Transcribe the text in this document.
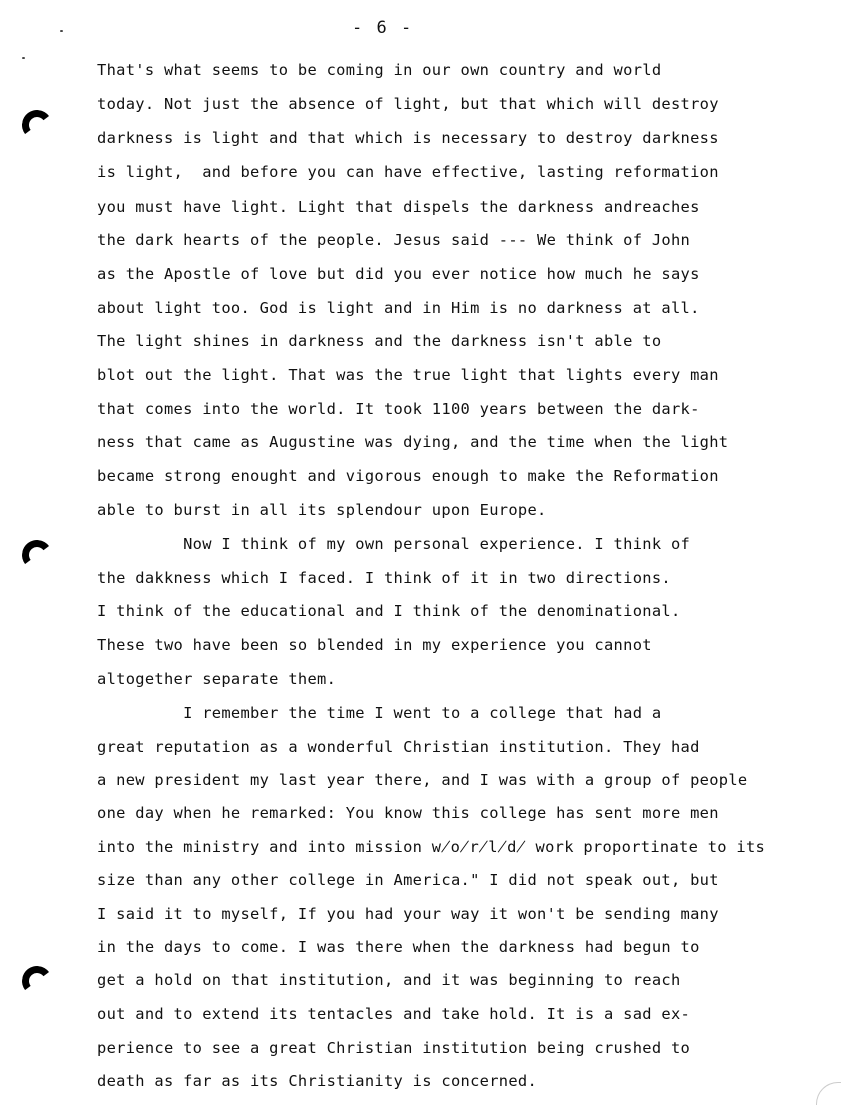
- 6 -
That's what seems to be coming in our own country and world
today. Not just the absence of light, but that which will destroy
darkness is light and that which is necessary to destroy darkness
is light,  and before you can have effective, lasting reformation
you must have light. Light that dispels the darkness andreaches
the dark hearts of the people. Jesus said --- We think of John
as the Apostle of love but did you ever notice how much he says
about light too. God is light and in Him is no darkness at all.
The light shines in darkness and the darkness isn't able to
blot out the light. That was the true light that lights every man
that comes into the world. It took 1100 years between the dark-
ness that came as Augustine was dying, and the time when the light
became strong enought and vigorous enough to make the Reformation
able to burst in all its splendour upon Europe.
Now I think of my own personal experience. I think of
the dakkness which I faced. I think of it in two directions.
I think of the educational and I think of the denominational.
These two have been so blended in my experience you cannot
altogether separate them.
I remember the time I went to a college that had a
great reputation as a wonderful Christian institution. They had
a new president my last year there, and I was with a group of people
one day when he remarked: You know this college has sent more men
into the ministry and into mission w̸o̸r̸l̸d̸ work proportinate to its
size than any other college in America." I did not speak out, but
I said it to myself, If you had your way it won't be sending many
in the days to come. I was there when the darkness had begun to
get a hold on that institution, and it was beginning to reach
out and to extend its tentacles and take hold. It is a sad ex-
perience to see a great Christian institution being crushed to
death as far as its Christianity is concerned.
